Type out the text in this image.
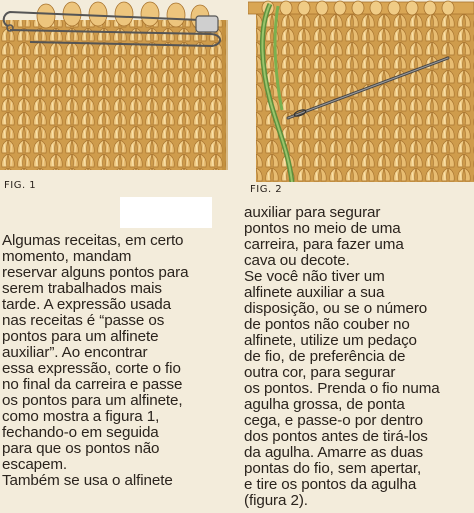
FIG. 1	FIG. 2

Algumas receitas, em certo

momento, mandam

reservar alguns pontos para

serem trabalhados mais

tarde. A expressão usada

nas receitas é “passe os

pontos para um alfinete

auxiliar”. Ao encontrar

essa expressão, corte o fio

no final da carreira e passe

os pontos para um alfinete,

como mostra a figura 1,

fechando-o em seguida

para que os pontos não

escapem.

Também se usa o alfinete

auxiliar para segurar

pontos no meio de uma

carreira, para fazer uma

cava ou decote.

Se você não tiver um

alfinete auxiliar a sua

disposição, ou se o número

de pontos não couber no

alfinete, utilize um pedaço

de fio, de preferência de

outra cor, para segurar

os pontos. Prenda o fio numa

agulha grossa, de ponta

cega, e passe-o por dentro

dos pontos antes de tirá-los

da agulha. Amarre as duas

pontas do fio, sem apertar,

e tire os pontos da agulha

(figura 2).
